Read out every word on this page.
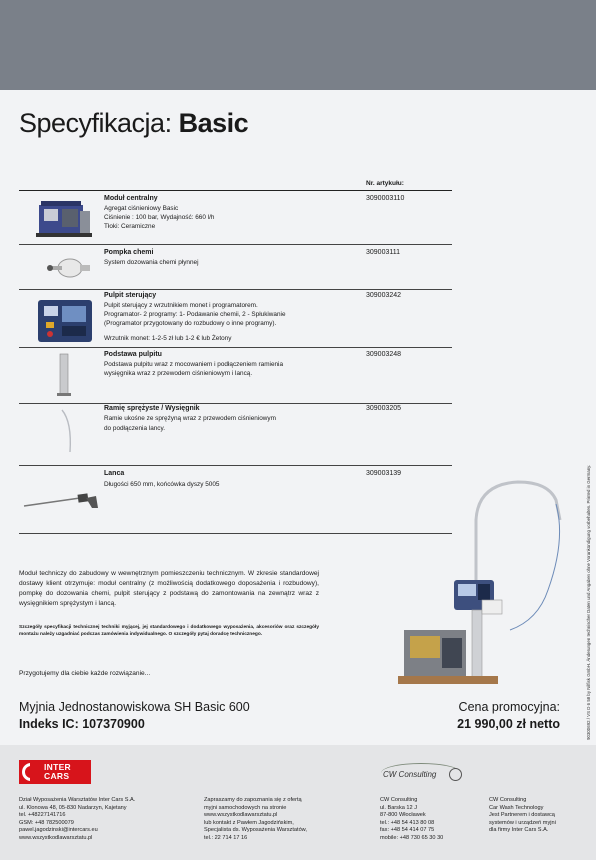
Specyfikacja: Basic
Nr. artykułu:
Moduł centralny
Agregat ciśnieniowy Basic
Ciśnienie : 100 bar, Wydajność: 660 l/h
Tłoki: Ceramiczne
3090003110
Pompka chemi
System dozowania chemi płynnej
309003111
Pulpit sterujący
Pulpit sterujący z wrzutnikiem monet i programatorem.
Programator- 2 programy: 1- Podawanie chemii, 2 - Spłukiwanie
(Programator przygotowany do rozbudowy o inne programy).
Wrzutnik monet: 1-2-5 zł lub 1-2 € lub Żetony
309003242
Podstawa pulpitu
Podstawa pulpitu wraz z mocowaniem i podłączeniem ramienia
wysięgnika wraz z przewodem ciśnieniowym i lancą.
309003248
Ramię sprężyste / Wysięgnik
Ramie ukośne ze sprężyną wraz z przewodem ciśnieniowym
do podłączenia lancy.
309003205
Lanca
Długości 650 mm, końcówka dyszy 5005
309003139
Moduł techniczy do zabudowy w wewnętrznym pomieszczeniu technicznym. W zkresie standardowej dostawy klient otrzymuje: moduł centralny (z możliwością dodatkowego doposażenia i rozbudowy), pompkę do dozowania chemi, pulpit sterujący z podstawą do zamontowania na zewnątrz wraz z wysięgnikiem sprężystym i lancą.
Szczegóły specyfikacji technicznej techniki myjącej, jej standardowego i dodatkowego wyposażenia, akcesoriów oraz szczegóły montażu należy uzgadniać podczas zamówienia indywidualnego. O szczegóły pytaj doradcę technicznego.
Przygotujemy dla ciebie każde rozwiązanie...
Myjnia Jednostanowiskowa SH Basic 600
Indeks IC: 107370900
Cena promocyjna:
21 990,00 zł netto	90300692 / VS D 6 58 by Nilfisk GmbH. Änderungen technischer Daten und Angaben ohne Vorankündigung vorbehalten. Printed in Germany.
INTER
CARS	CW Consulting
Dział Wyposażenia Warsztatów Inter Cars S.A.
ul. Klonowa 48, 05-830 Nadarzyn, Kajetany
tel. +48227141716
GSM: +48 782500079
pawel.jagodzinski@intercars.eu
www.wszystkodlawarsztatu.pl
Zapraszamy do zapoznania się z ofertą
myjni samochodowych na stronie
www.wszystkodlawarsztatu.pl
lub kontakt z Pawłem Jagodzińskim,
Specjalista ds. Wyposażenia Warsztatów,
tel.: 22 714 17 16
CW Consulting
ul. Barska 12 J
87-800 Włocławek
tel.: +48 54 413 80 08
fax: +48 54 414 07 75
mobile: +48 730 65 30 30
CW Consulting
Car Wash Technology
Jest Partnerem i dostawcą
systemów i urządzeń myjni
dla firmy Inter Cars S.A.
